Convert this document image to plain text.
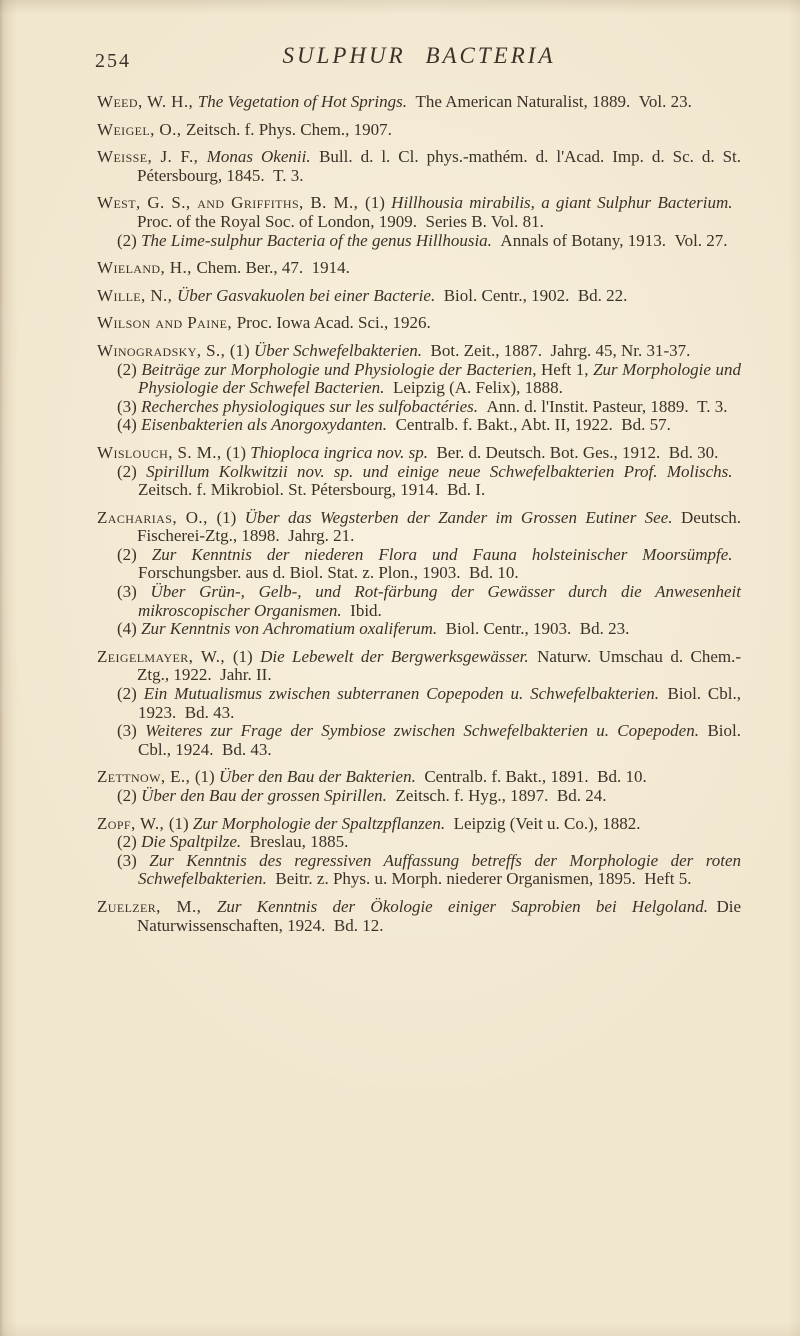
254	SULPHUR BACTERIA

Weed, W. H., The Vegetation of Hot Springs. The American Naturalist, 1889. Vol. 23.

Weigel, O., Zeitsch. f. Phys. Chem., 1907.

Weisse, J. F., Monas Okenii. Bull. d. l. Cl. phys.-mathém. d. l'Acad. Imp. d. Sc. d. St. Pétersbourg, 1845. T. 3.

West, G. S., and Griffiths, B. M., (1) Hillhousia mirabilis, a giant Sulphur Bacterium. Proc. of the Royal Soc. of London, 1909. Series B. Vol. 81.

(2) The Lime-sulphur Bacteria of the genus Hillhousia. Annals of Botany, 1913. Vol. 27.

Wieland, H., Chem. Ber., 47. 1914.

Wille, N., Über Gasvakuolen bei einer Bacterie. Biol. Centr., 1902. Bd. 22.

Wilson and Paine, Proc. Iowa Acad. Sci., 1926.

Winogradsky, S., (1) Über Schwefelbakterien. Bot. Zeit., 1887. Jahrg. 45, Nr. 31-37.

(2) Beiträge zur Morphologie und Physiologie der Bacterien, Heft 1, Zur Morphologie und Physiologie der Schwefel Bacterien. Leipzig (A. Felix), 1888.

(3) Recherches physiologiques sur les sulfobactéries. Ann. d. l'Instit. Pasteur, 1889. T. 3.

(4) Eisenbakterien als Anorgoxydanten. Centralb. f. Bakt., Abt. II, 1922. Bd. 57.

Wislouch, S. M., (1) Thioploca ingrica nov. sp. Ber. d. Deutsch. Bot. Ges., 1912. Bd. 30.

(2) Spirillum Kolkwitzii nov. sp. und einige neue Schwefelbakterien Prof. Molischs. Zeitsch. f. Mikrobiol. St. Pétersbourg, 1914. Bd. I.

Zacharias, O., (1) Über das Wegsterben der Zander im Grossen Eutiner See. Deutsch. Fischerei-Ztg., 1898. Jahrg. 21.

(2) Zur Kenntnis der niederen Flora und Fauna holsteinischer Moorsümpfe. Forschungsber. aus d. Biol. Stat. z. Plon., 1903. Bd. 10.

(3) Über Grün-, Gelb-, und Rot-färbung der Gewässer durch die Anwesenheit mikroscopischer Organismen. Ibid.

(4) Zur Kenntnis von Achromatium oxaliferum. Biol. Centr., 1903. Bd. 23.

Zeigelmayer, W., (1) Die Lebewelt der Bergwerksgewässer. Naturw. Umschau d. Chem.-Ztg., 1922. Jahr. II.

(2) Ein Mutualismus zwischen subterranen Copepoden u. Schwefelbakterien. Biol. Cbl., 1923. Bd. 43.

(3) Weiteres zur Frage der Symbiose zwischen Schwefelbakterien u. Copepoden. Biol. Cbl., 1924. Bd. 43.

Zettnow, E., (1) Über den Bau der Bakterien. Centralb. f. Bakt., 1891. Bd. 10.

(2) Über den Bau der grossen Spirillen. Zeitsch. f. Hyg., 1897. Bd. 24.

Zopf, W., (1) Zur Morphologie der Spaltzpflanzen. Leipzig (Veit u. Co.), 1882.

(2) Die Spaltpilze. Breslau, 1885.

(3) Zur Kenntnis des regressiven Auffassung betreffs der Morphologie der roten Schwefelbakterien. Beitr. z. Phys. u. Morph. niederer Organismen, 1895. Heft 5.

Zuelzer, M., Zur Kenntnis der Ökologie einiger Saprobien bei Helgoland. Die Naturwissenschaften, 1924. Bd. 12.
